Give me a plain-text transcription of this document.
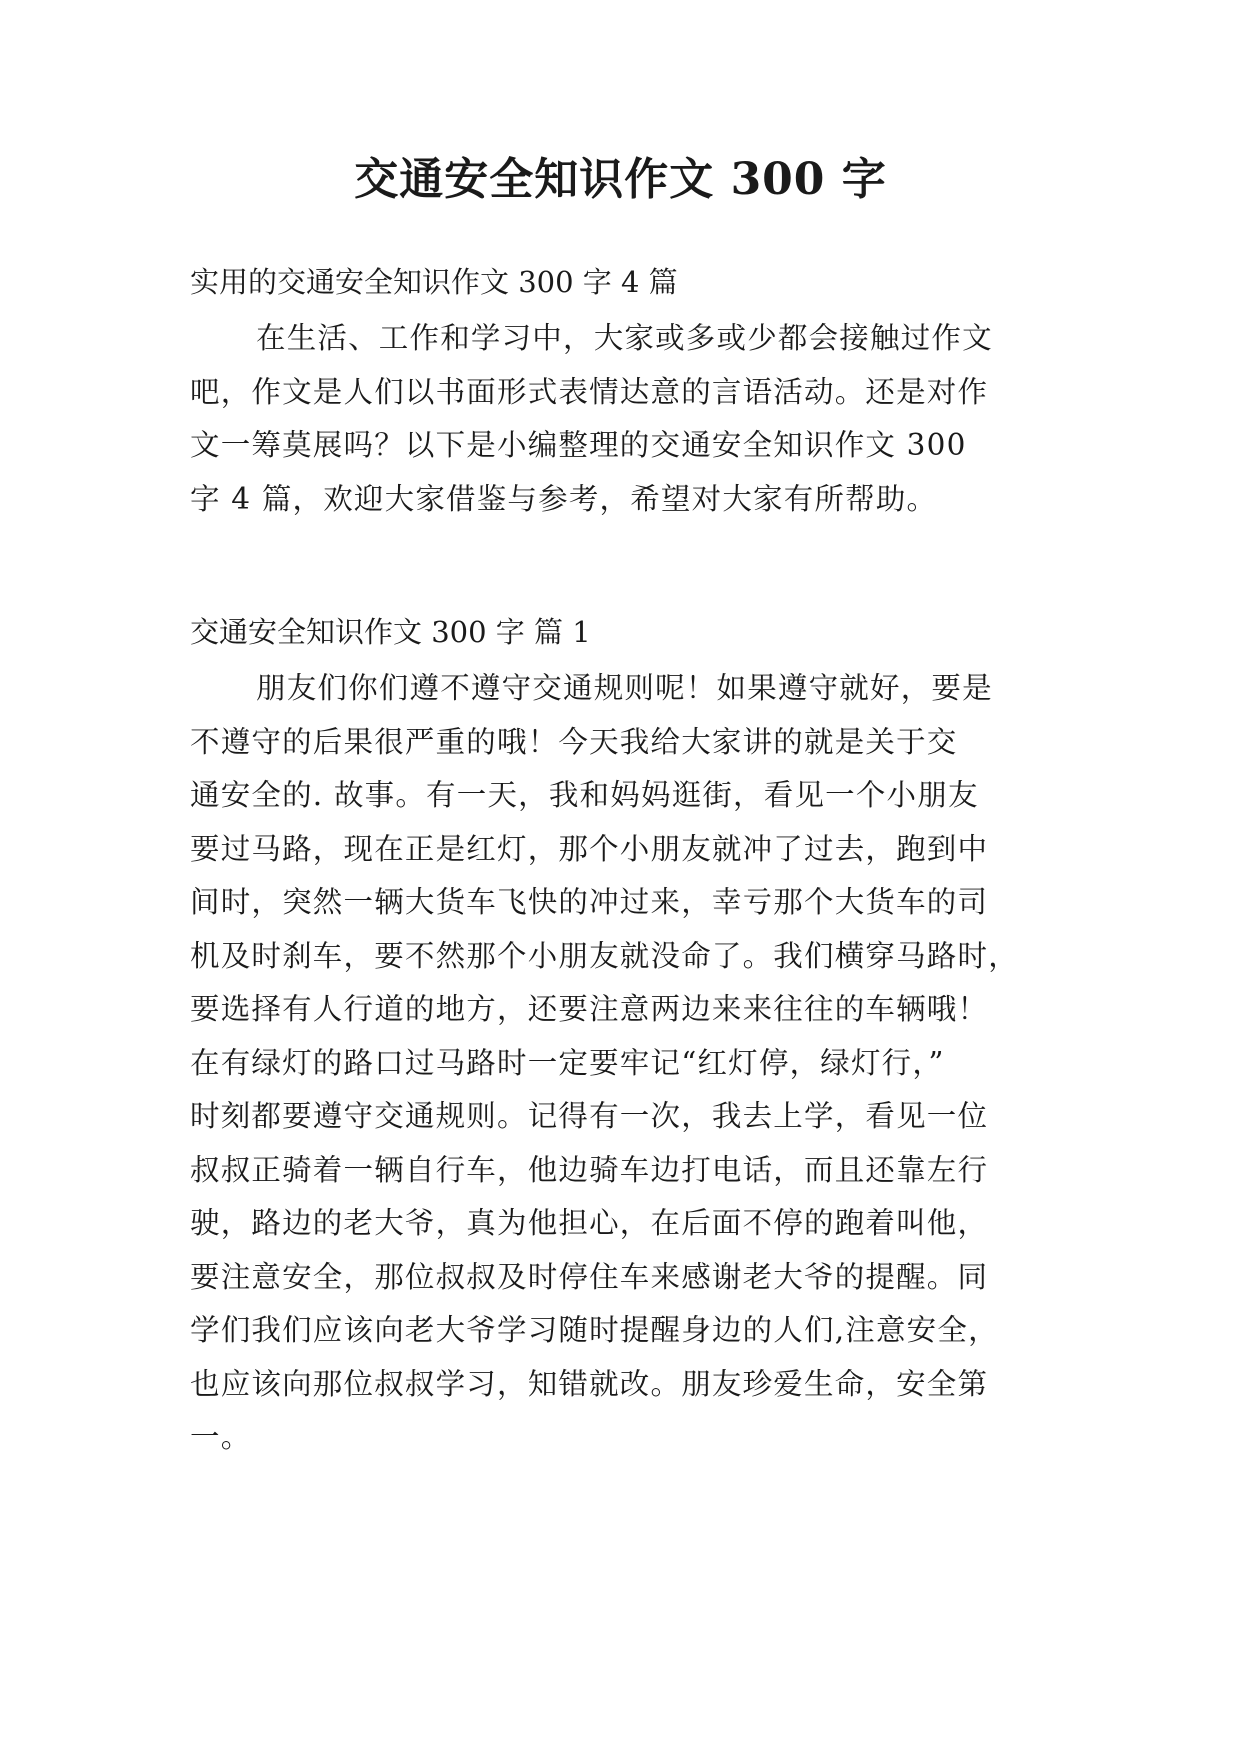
交通安全知识作文 300 字
实用的交通安全知识作文 300 字 4 篇
在生活、工作和学习中，大家或多或少都会接触过作文
吧，作文是人们以书面形式表情达意的言语活动。还是对作
文一筹莫展吗？以下是小编整理的交通安全知识作文 300
字 4 篇，欢迎大家借鉴与参考，希望对大家有所帮助。
交通安全知识作文 300 字 篇 1
朋友们你们遵不遵守交通规则呢！如果遵守就好，要是
不遵守的后果很严重的哦！今天我给大家讲的就是关于交
通安全的. 故事。有一天，我和妈妈逛街，看见一个小朋友
要过马路，现在正是红灯，那个小朋友就冲了过去，跑到中
间时，突然一辆大货车飞快的冲过来，幸亏那个大货车的司
机及时刹车，要不然那个小朋友就没命了。我们横穿马路时，
要选择有人行道的地方，还要注意两边来来往往的车辆哦！
在有绿灯的路口过马路时一定要牢记“红灯停，绿灯行，”
时刻都要遵守交通规则。记得有一次，我去上学，看见一位
叔叔正骑着一辆自行车，他边骑车边打电话，而且还靠左行
驶，路边的老大爷，真为他担心，在后面不停的跑着叫他，
要注意安全，那位叔叔及时停住车来感谢老大爷的提醒。同
学们我们应该向老大爷学习随时提醒身边的人们,注意安全，
也应该向那位叔叔学习，知错就改。朋友珍爱生命，安全第
一。
